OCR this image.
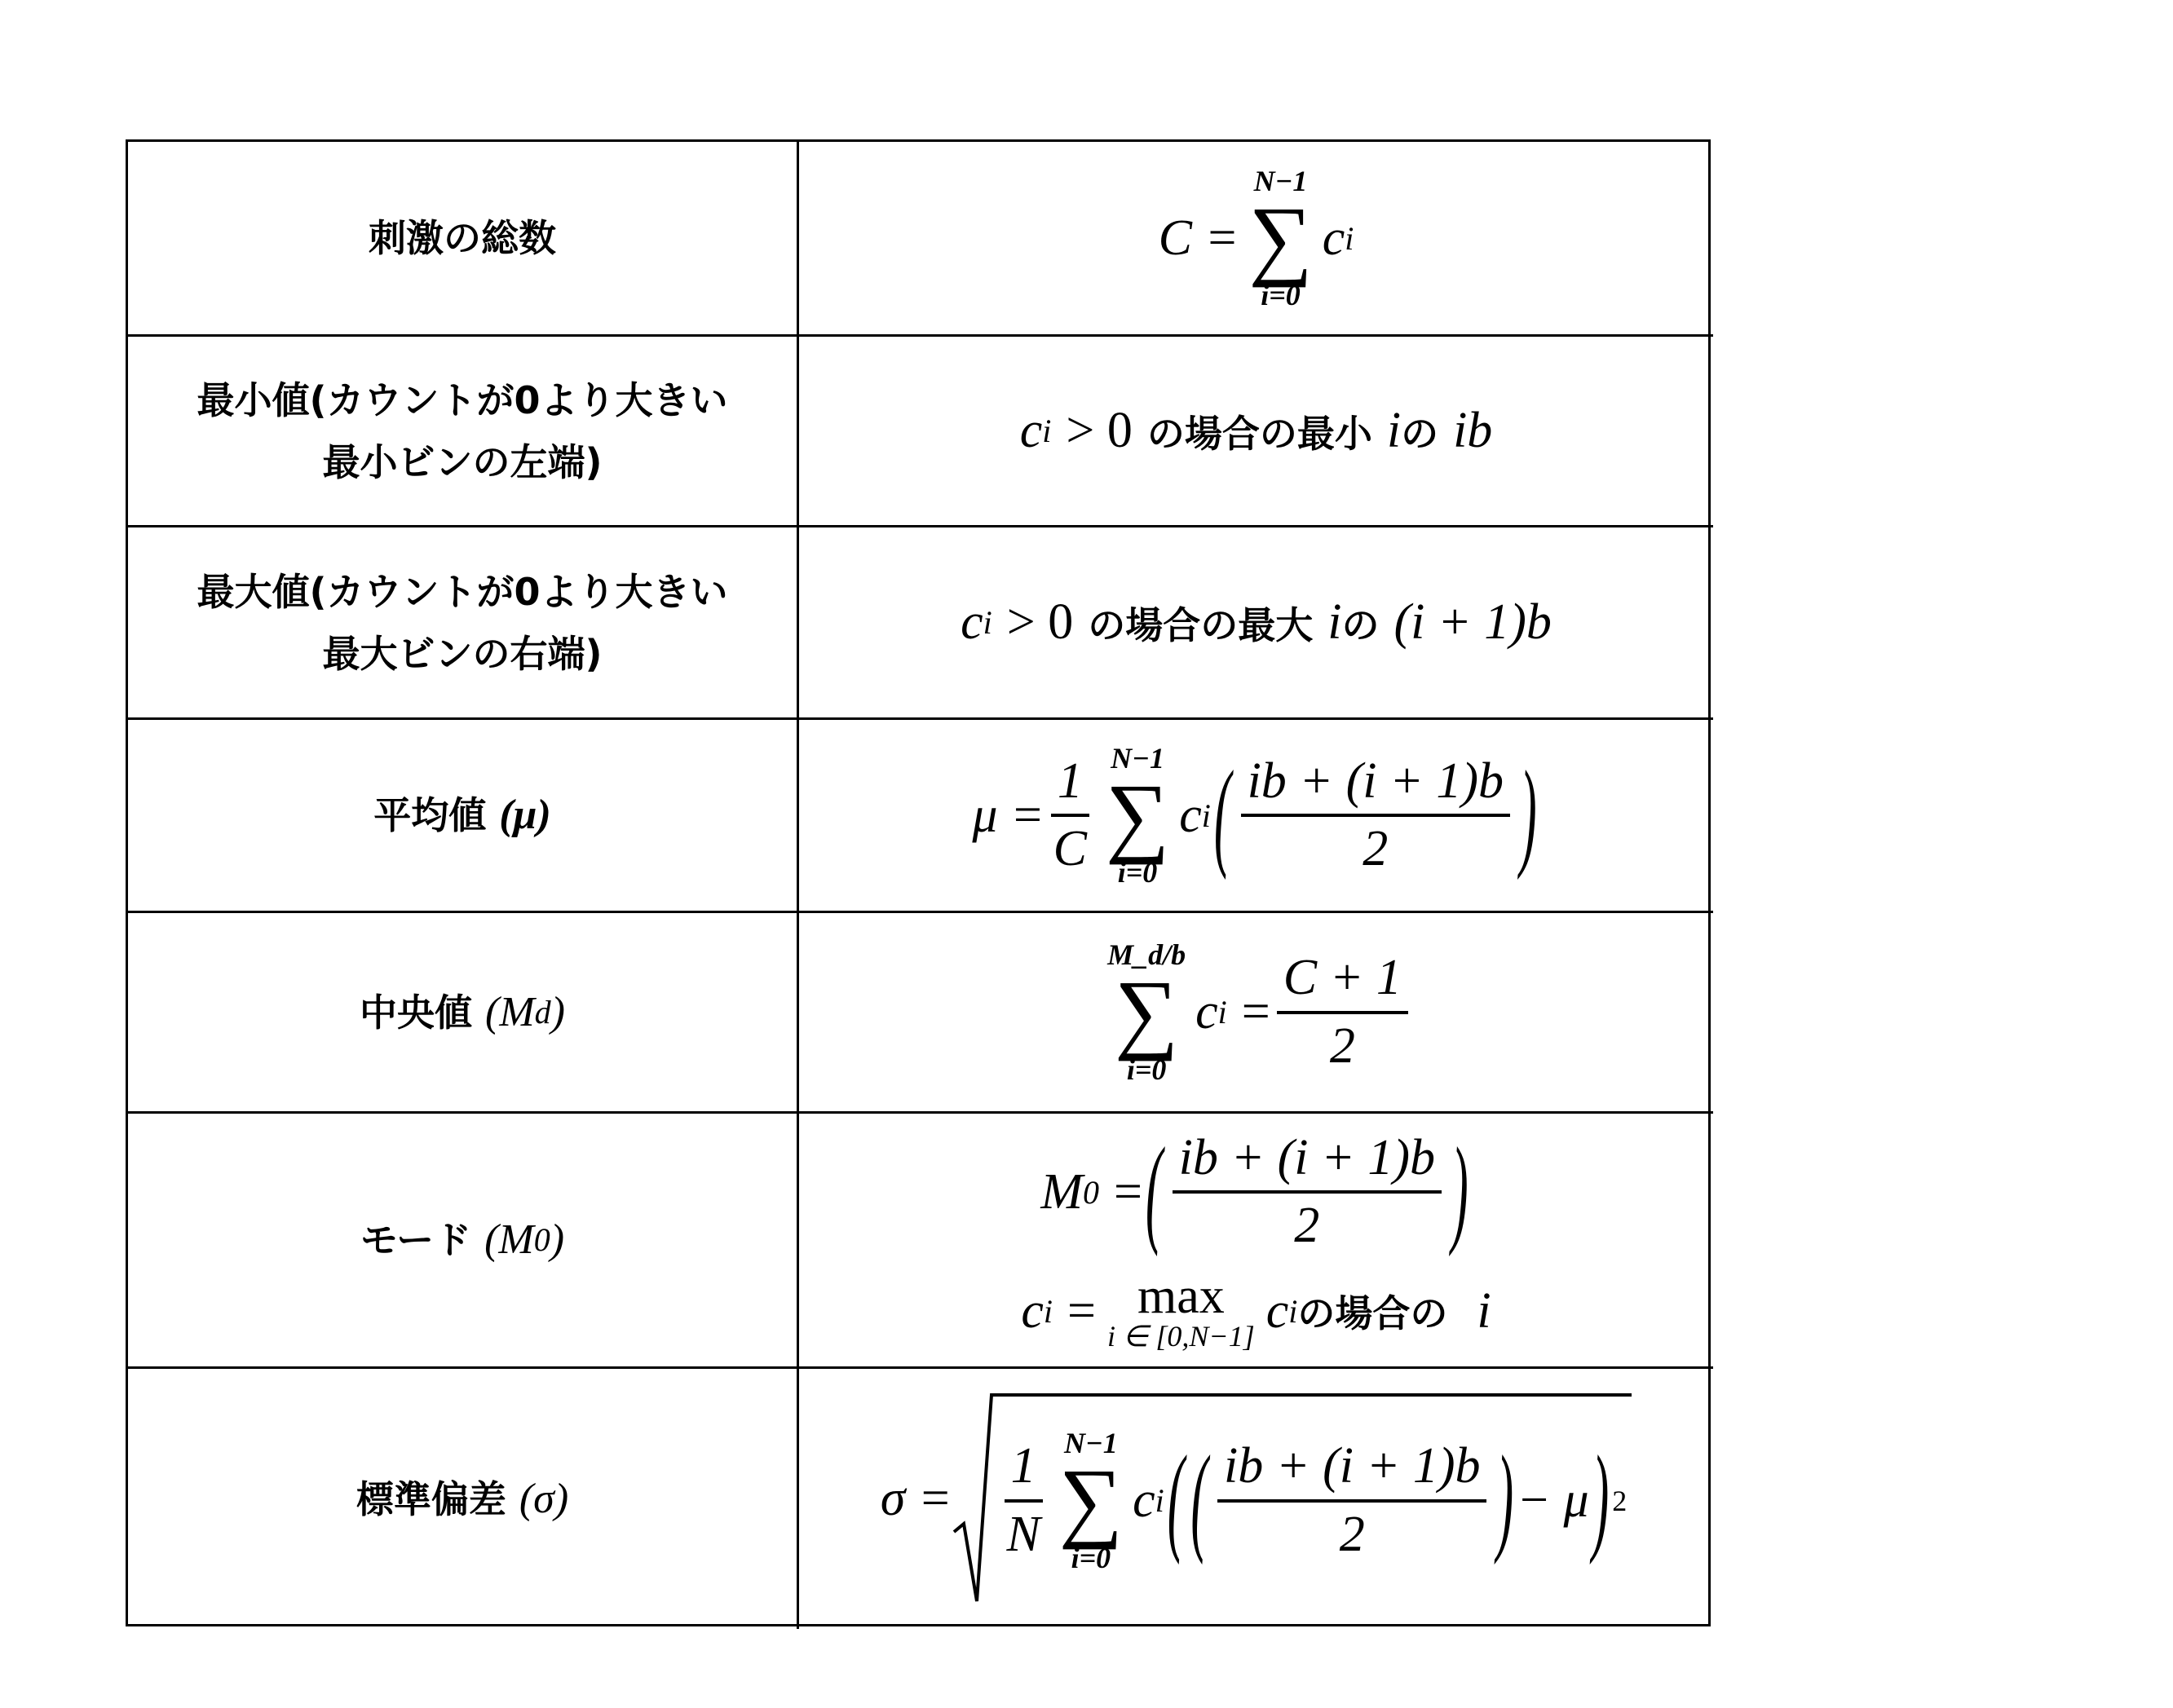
刺激の総数	C =
N−1
∑
i=0
c i
最小値(カウントが0より大きい
最小ビンの左端)
c i > 0 の場合の最小 i の ib
最大値(カウントが0より大きい
最大ビンの右端)
c i > 0 の場合の最大 i の (i + 1)b
平均値 (μ)	μ =
1
C
N−1
∑
i=0
c i ( ib + (i + 1)b
2	)
中央値 (M d )
M_d/b
∑
i=0
c i =
C + 1
2
モード (M 0 )
M 0 = ( ib + (i + 1)b
2	)
c i = max
i ∈ [0,N−1] c i の場合の i
標準偏差 (σ)	σ =
1
N
N−1
∑
i=0
c i ( ( ib + (i + 1)b
2	) − μ ) 2
